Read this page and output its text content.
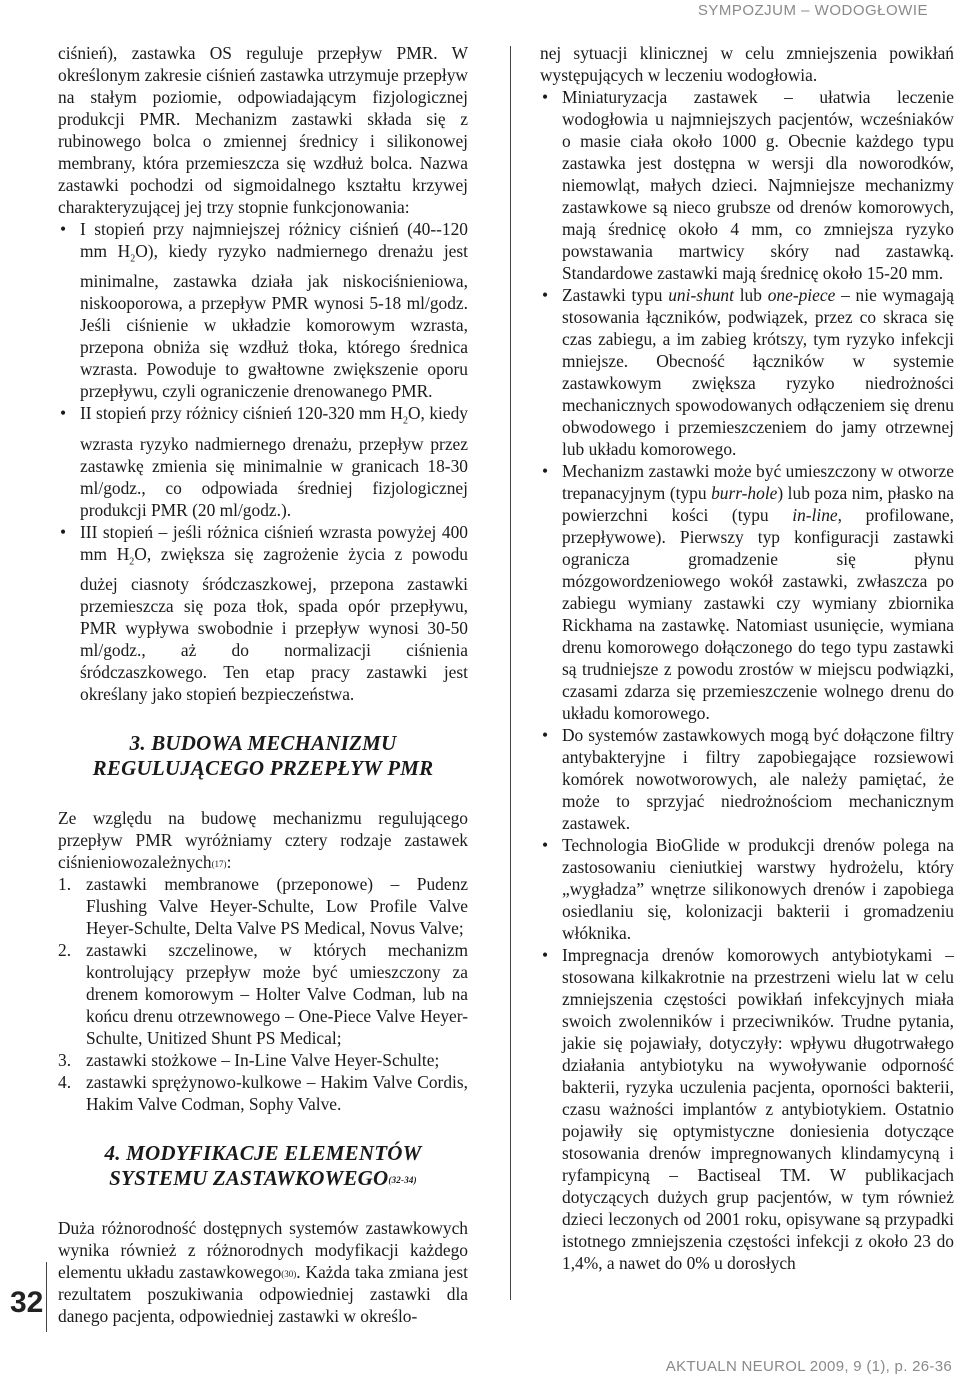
SYMPOZJUM – WODOGŁOWIE
32

ciśnień), zastawka OS reguluje przepływ PMR. W określonym zakresie ciśnień zastawka utrzymuje przepływ na stałym poziomie, odpowiadającym fizjologicznej produkcji PMR. Mechanizm zastawki składa się z rubinowego bolca o zmiennej średnicy i silikonowej membrany, która przemieszcza się wzdłuż bolca. Nazwa zastawki pochodzi od sigmoidalnego kształtu krzywej charakteryzującej jej trzy stopnie funkcjonowania:

• I stopień przy najmniejszej różnicy ciśnień (40--120 mm $H_2O$), kiedy ryzyko nadmiernego drenażu jest minimalne, zastawka działa jak niskociśnieniowa, niskooporowa, a przepływ PMR wynosi 5-18 ml/godz. Jeśli ciśnienie w układzie komorowym wzrasta, przepona obniża się wzdłuż tłoka, którego średnica wzrasta. Powoduje to gwałtowne zwiększenie oporu przepływu, czyli ograniczenie drenowanego PMR.
• II stopień przy różnicy ciśnień 120-320 mm $H_2O$, kiedy wzrasta ryzyko nadmiernego drenażu, przepływ przez zastawkę zmienia się minimalnie w granicach 18-30 ml/godz., co odpowiada średniej fizjologicznej produkcji PMR (20 ml/godz.).
• III stopień – jeśli różnica ciśnień wzrasta powyżej 400 mm $H_2O$, zwiększa się zagrożenie życia z powodu dużej ciasnoty śródczaszkowej, przepona zastawki przemieszcza się poza tłok, spada opór przepływu, PMR wypływa swobodnie i przepływ wynosi 30-50 ml/godz., aż do normalizacji ciśnienia śródczaszkowego. Ten etap pracy zastawki jest określany jako stopień bezpieczeństwa.
3. BUDOWA MECHANIZMU
REGULUJĄCEGO PRZEPŁYW PMR

Ze względu na budowę mechanizmu regulującego przepływ PMR wyróżniamy cztery rodzaje zastawek ciśnieniowozależnych$^{(17)}$:

1. zastawki membranowe (przeponowe) – Pudenz Flushing Valve Heyer-Schulte, Low Profile Valve Heyer-Schulte, Delta Valve PS Medical, Novus Valve;
2. zastawki szczelinowe, w których mechanizm kontrolujący przepływ może być umieszczony za drenem komorowym – Holter Valve Codman, lub na końcu drenu otrzewnowego – One-Piece Valve Heyer-Schulte, Unitized Shunt PS Medical;
3. zastawki stożkowe – In-Line Valve Heyer-Schulte;
4. zastawki sprężynowo-kulkowe – Hakim Valve Cordis, Hakim Valve Codman, Sophy Valve.
4. MODYFIKACJE ELEMENTÓW
SYSTEMU ZASTAWKOWEGO$^{(32-34)}$

Duża różnorodność dostępnych systemów zastawkowych wynika również z różnorodnych modyfikacji każdego elementu układu zastawkowego$^{(30)}$. Każda taka zmiana jest rezultatem poszukiwania odpowiedniej zastawki dla danego pacjenta, odpowiedniej zastawki w określo-

nej sytuacji klinicznej w celu zmniejszenia powikłań występujących w leczeniu wodogłowia.

• Miniaturyzacja zastawek – ułatwia leczenie wodogłowia u najmniejszych pacjentów, wcześniaków o masie ciała około 1000 g. Obecnie każdego typu zastawka jest dostępna w wersji dla noworodków, niemowląt, małych dzieci. Najmniejsze mechanizmy zastawkowe są nieco grubsze od drenów komorowych, mają średnicę około 4 mm, co zmniejsza ryzyko powstawania martwicy skóry nad zastawką. Standardowe zastawki mają średnicę około 15-20 mm.
• Zastawki typu uni-shunt lub one-piece – nie wymagają stosowania łączników, podwiązek, przez co skraca się czas zabiegu, a im zabieg krótszy, tym ryzyko infekcji mniejsze. Obecność łączników w systemie zastawkowym zwiększa ryzyko niedrożności mechanicznych spowodowanych odłączeniem się drenu obwodowego i przemieszczeniem do jamy otrzewnej lub układu komorowego.
• Mechanizm zastawki może być umieszczony w otworze trepanacyjnym (typu burr-hole) lub poza nim, płasko na powierzchni kości (typu in-line, profilowane, przepływowe). Pierwszy typ konfiguracji zastawki ogranicza gromadzenie się płynu mózgowordzeniowego wokół zastawki, zwłaszcza po zabiegu wymiany zastawki czy wymiany zbiornika Rickhama na zastawkę. Natomiast usunięcie, wymiana drenu komorowego dołączonego do tego typu zastawki są trudniejsze z powodu zrostów w miejscu podwiązki, czasami zdarza się przemieszczenie wolnego drenu do układu komorowego.
• Do systemów zastawkowych mogą być dołączone filtry antybakteryjne i filtry zapobiegające rozsiewowi komórek nowotworowych, ale należy pamiętać, że może to sprzyjać niedrożnościom mechanicznym zastawek.
• Technologia BioGlide w produkcji drenów polega na zastosowaniu cieniutkiej warstwy hydrożelu, który „wygładza” wnętrze silikonowych drenów i zapobiega osiedlaniu się, kolonizacji bakterii i gromadzeniu włóknika.
• Impregnacja drenów komorowych antybiotykami – stosowana kilkakrotnie na przestrzeni wielu lat w celu zmniejszenia częstości powikłań infekcyjnych miała swoich zwolenników i przeciwników. Trudne pytania, jakie się pojawiały, dotyczyły: wpływu długotrwałego działania antybiotyku na wywoływanie odporność bakterii, ryzyka uczulenia pacjenta, oporności bakterii, czasu ważności implantów z antybiotykiem. Ostatnio pojawiły się optymistyczne doniesienia dotyczące stosowania drenów impregnowanych klindamycyną i ryfampicyną – Bactiseal TM. W publikacjach dotyczących dużych grup pacjentów, w tym również dzieci leczonych od 2001 roku, opisywane są przypadki istotnego zmniejszenia częstości infekcji z około 23 do 1,4%, a nawet do 0% u dorosłych
AKTUALN NEUROL 2009, 9 (1), p. 26-36
